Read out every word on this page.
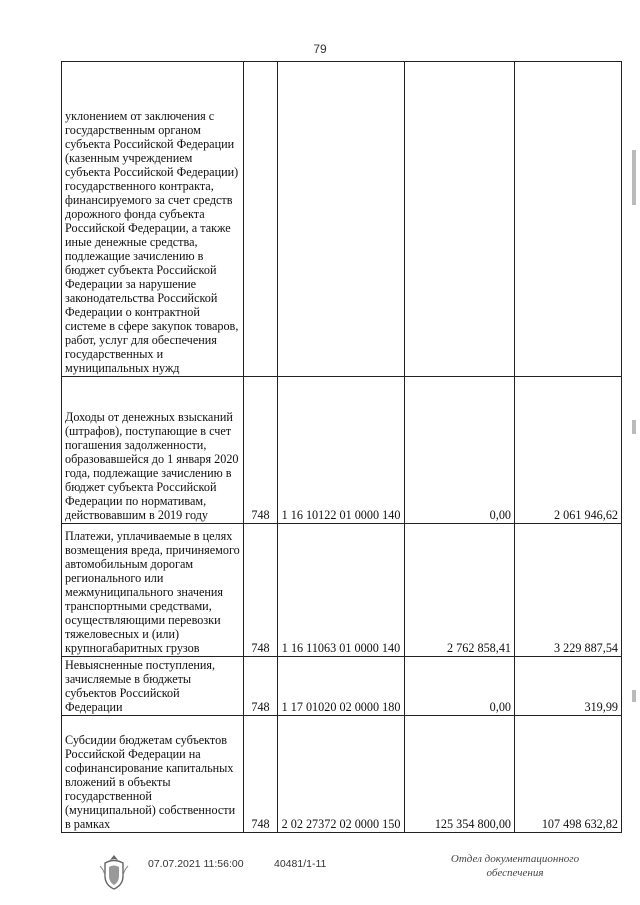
79
уклонением от заключения с государственным органом субъекта Российской Федерации (казенным учреждением субъекта Российской Федерации) государственного контракта, финансируемого за счет средств дорожного фонда субъекта Российской Федерации, а также иные денежные средства, подлежащие зачислению в бюджет субъекта Российской Федерации за нарушение законодательства Российской Федерации о контрактной системе в сфере закупок товаров, работ, услуг для обеспечения государственных и муниципальных нужд				
Доходы от денежных взысканий (штрафов), поступающие в счет погашения задолженности, образовавшейся до 1 января 2020 года, подлежащие зачислению в бюджет субъекта Российской Федерации по нормативам, действовавшим в 2019 году	748	1 16 10122 01 0000 140	0,00	2 061 946,62
Платежи, уплачиваемые в целях возмещения вреда, причиняемого автомобильным дорогам регионального или межмуниципального значения транспортными средствами, осуществляющими перевозки тяжеловесных и (или) крупногабаритных грузов	748	1 16 11063 01 0000 140	2 762 858,41	3 229 887,54
Невыясненные поступления, зачисляемые в бюджеты субъектов Российской Федерации	748	1 17 01020 02 0000 180	0,00	319,99
Субсидии бюджетам субъектов Российской Федерации на софинансирование капитальных вложений в объекты государственной (муниципальной) собственности в рамках	748	2 02 27372 02 0000 150	125 354 800,00	107 498 632,82
07.07.2021 11:56:00	40481/1-11	Отдел документационного
обеспечения
